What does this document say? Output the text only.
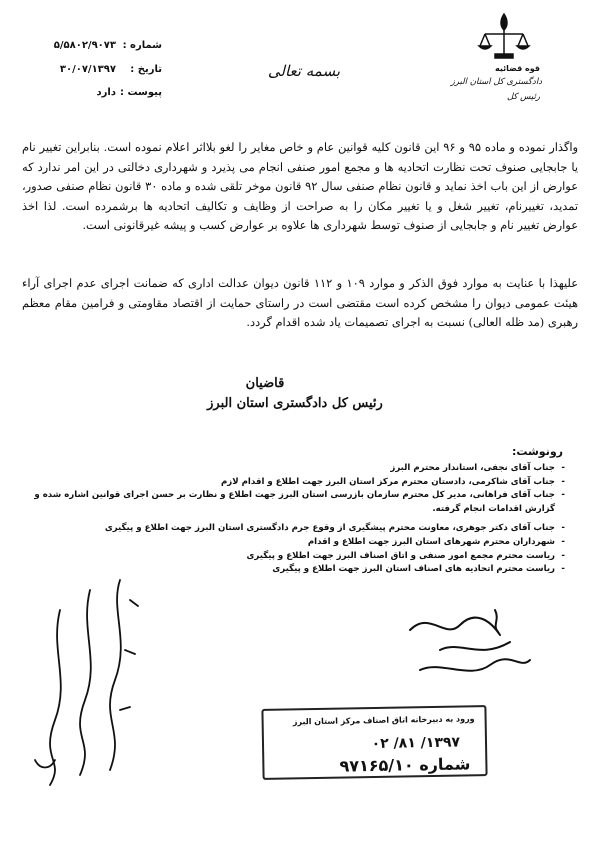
شماره :
۵/۵۸۰۲/۹۰۷۳
تاریخ :
۳۰/۰۷/۱۳۹۷
پیوست :
دارد
بسمه تعالی	قوه قضائیه
دادگستری کل استان البرز
رئیس کل
واگذار نموده و ماده ۹۵ و ۹۶ این قانون کلیه قوانین عام و خاص مغایر را لغو بلااثر اعلام نموده است. بنابراین تغییر نام یا جابجایی صنوف تحت نظارت اتحادیه ها و مجمع امور صنفی انجام می پذیرد و شهرداری دخالتی در این امر ندارد که عوارض از این باب اخذ نماید و قانون نظام صنفی سال ۹۲ قانون موخر تلقی شده و ماده ۳۰ قانون نظام صنفی صدور، تمدید، تغییرنام، تغییر شغل و یا تغییر مکان را به صراحت از وظایف و تکالیف اتحادیه ها برشمرده است. لذا اخذ عوارض تغییر نام و جابجایی از صنوف توسط شهرداری ها علاوه بر عوارض کسب و پیشه غیرقانونی است.
علیهذا با عنایت به موارد فوق الذکر و موارد ۱۰۹ و ۱۱۲ قانون دیوان عدالت اداری که ضمانت اجرای عدم اجرای آراء هیئت عمومی دیوان را مشخص کرده است مقتضی است در راستای حمایت از اقتصاد مقاومتی و فرامین مقام معظم رهبری (مد ظله العالی) نسبت به اجرای تصمیمات یاد شده اقدام گردد.
قاضیان
رئیس کل دادگستری استان البرز
رونوشت:
- جناب آقای نجفی، استاندار محترم البرز
- جناب آقای شاکرمی، دادستان محترم مرکز استان البرز جهت اطلاع و اقدام لازم
- جناب آقای فراهانی، مدیر کل محترم سازمان بازرسی استان البرز جهت اطلاع و نظارت بر حسن اجرای قوانین اشاره شده و گزارش اقدامات انجام گرفته.
- جناب آقای دکتر جوهری، معاونت محترم پیشگیری از وقوع جرم دادگستری استان البرز جهت اطلاع و پیگیری
- شهرداران محترم شهرهای استان البرز جهت اطلاع و اقدام
- ریاست محترم مجمع امور صنفی و اتاق اصناف البرز جهت اطلاع و پیگیری
- ریاست محترم اتحادیه های اصناف استان البرز جهت اطلاع و پیگیری
ورود به دبیرخانه اتاق اصناف مرکز استان البرز
۱۳۹۷/ ۸۱/ ۰۲
شماره ۹۷۱۶۵/۱۰
